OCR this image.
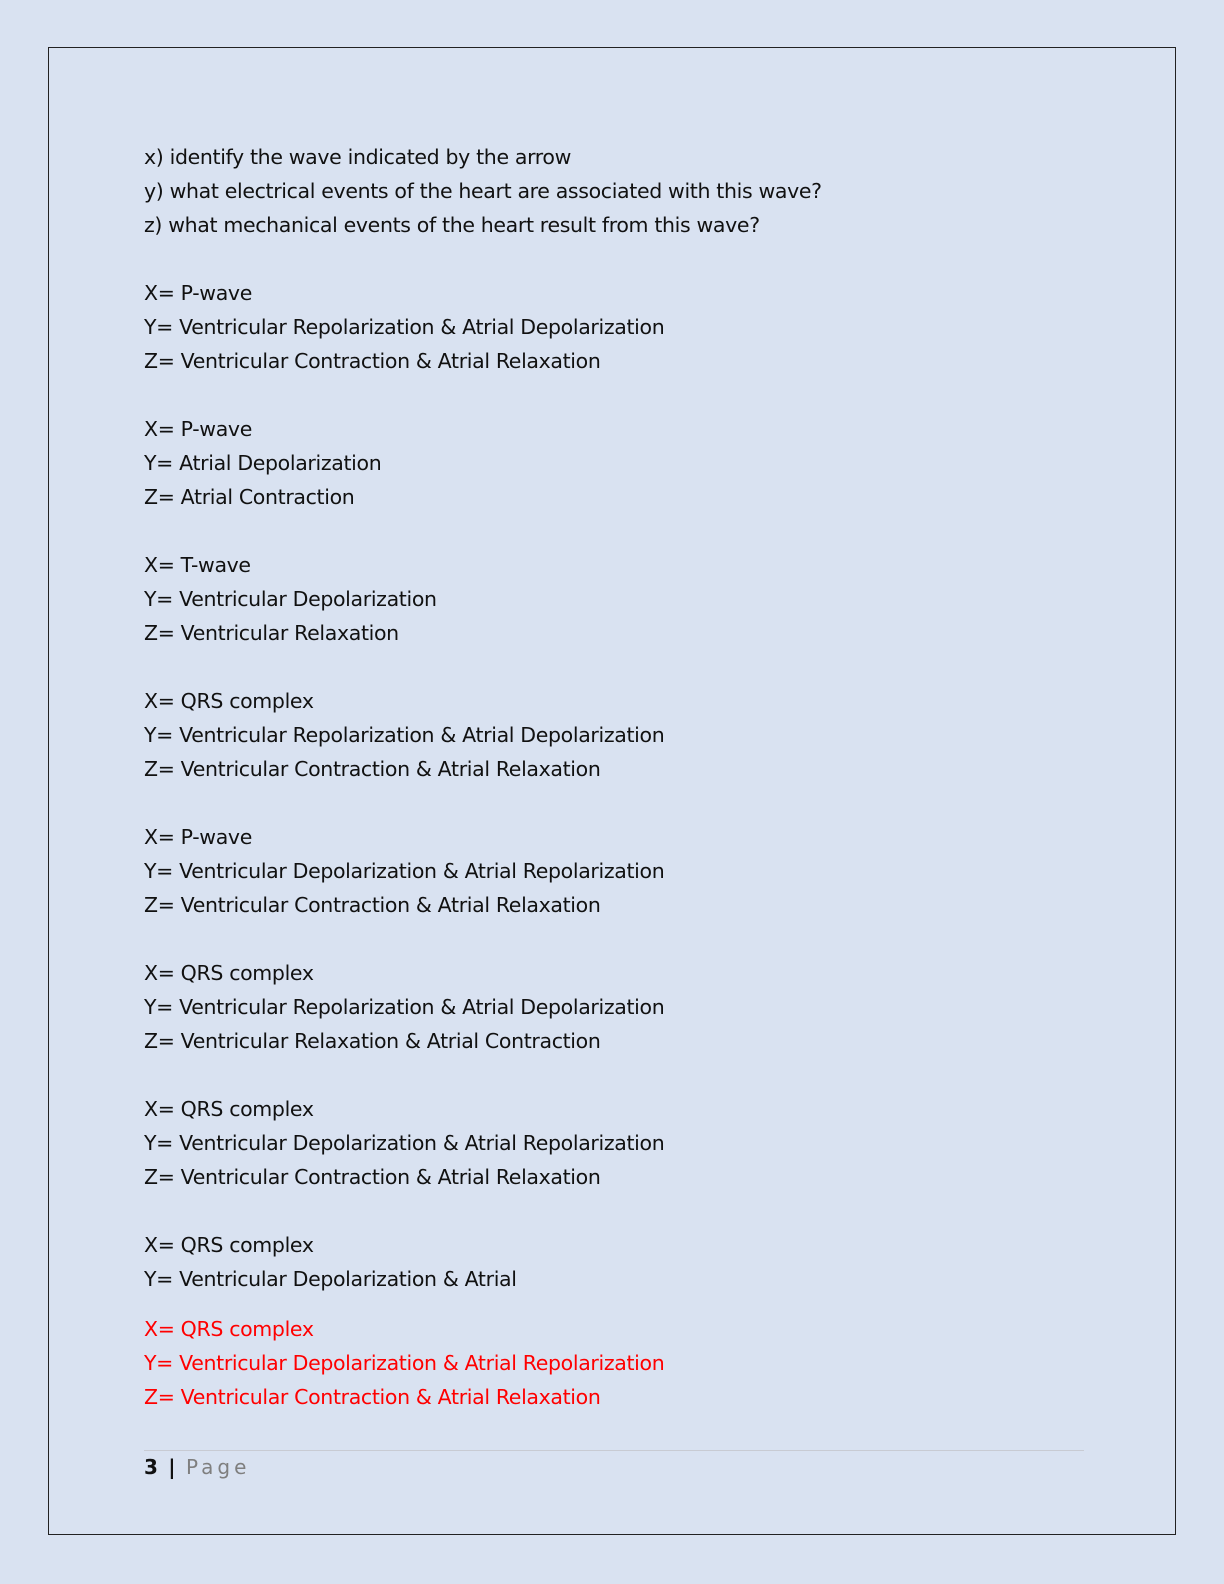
x) identify the wave indicated by the arrow
y) what electrical events of the heart are associated with this wave?
z) what mechanical events of the heart result from this wave?
X= P-wave
Y= Ventricular Repolarization & Atrial Depolarization
Z= Ventricular Contraction & Atrial Relaxation
X= P-wave
Y= Atrial Depolarization
Z= Atrial Contraction
X= T-wave
Y= Ventricular Depolarization
Z= Ventricular Relaxation
X= QRS complex
Y= Ventricular Repolarization & Atrial Depolarization
Z= Ventricular Contraction & Atrial Relaxation
X= P-wave
Y= Ventricular Depolarization & Atrial Repolarization
Z= Ventricular Contraction & Atrial Relaxation
X= QRS complex
Y= Ventricular Repolarization & Atrial Depolarization
Z= Ventricular Relaxation & Atrial Contraction
X= QRS complex
Y= Ventricular Depolarization & Atrial Repolarization
Z= Ventricular Contraction & Atrial Relaxation
X= QRS complex
Y= Ventricular Depolarization & Atrial
X= QRS complex
Y= Ventricular Depolarization & Atrial Repolarization
Z= Ventricular Contraction & Atrial Relaxation
3 | Page
